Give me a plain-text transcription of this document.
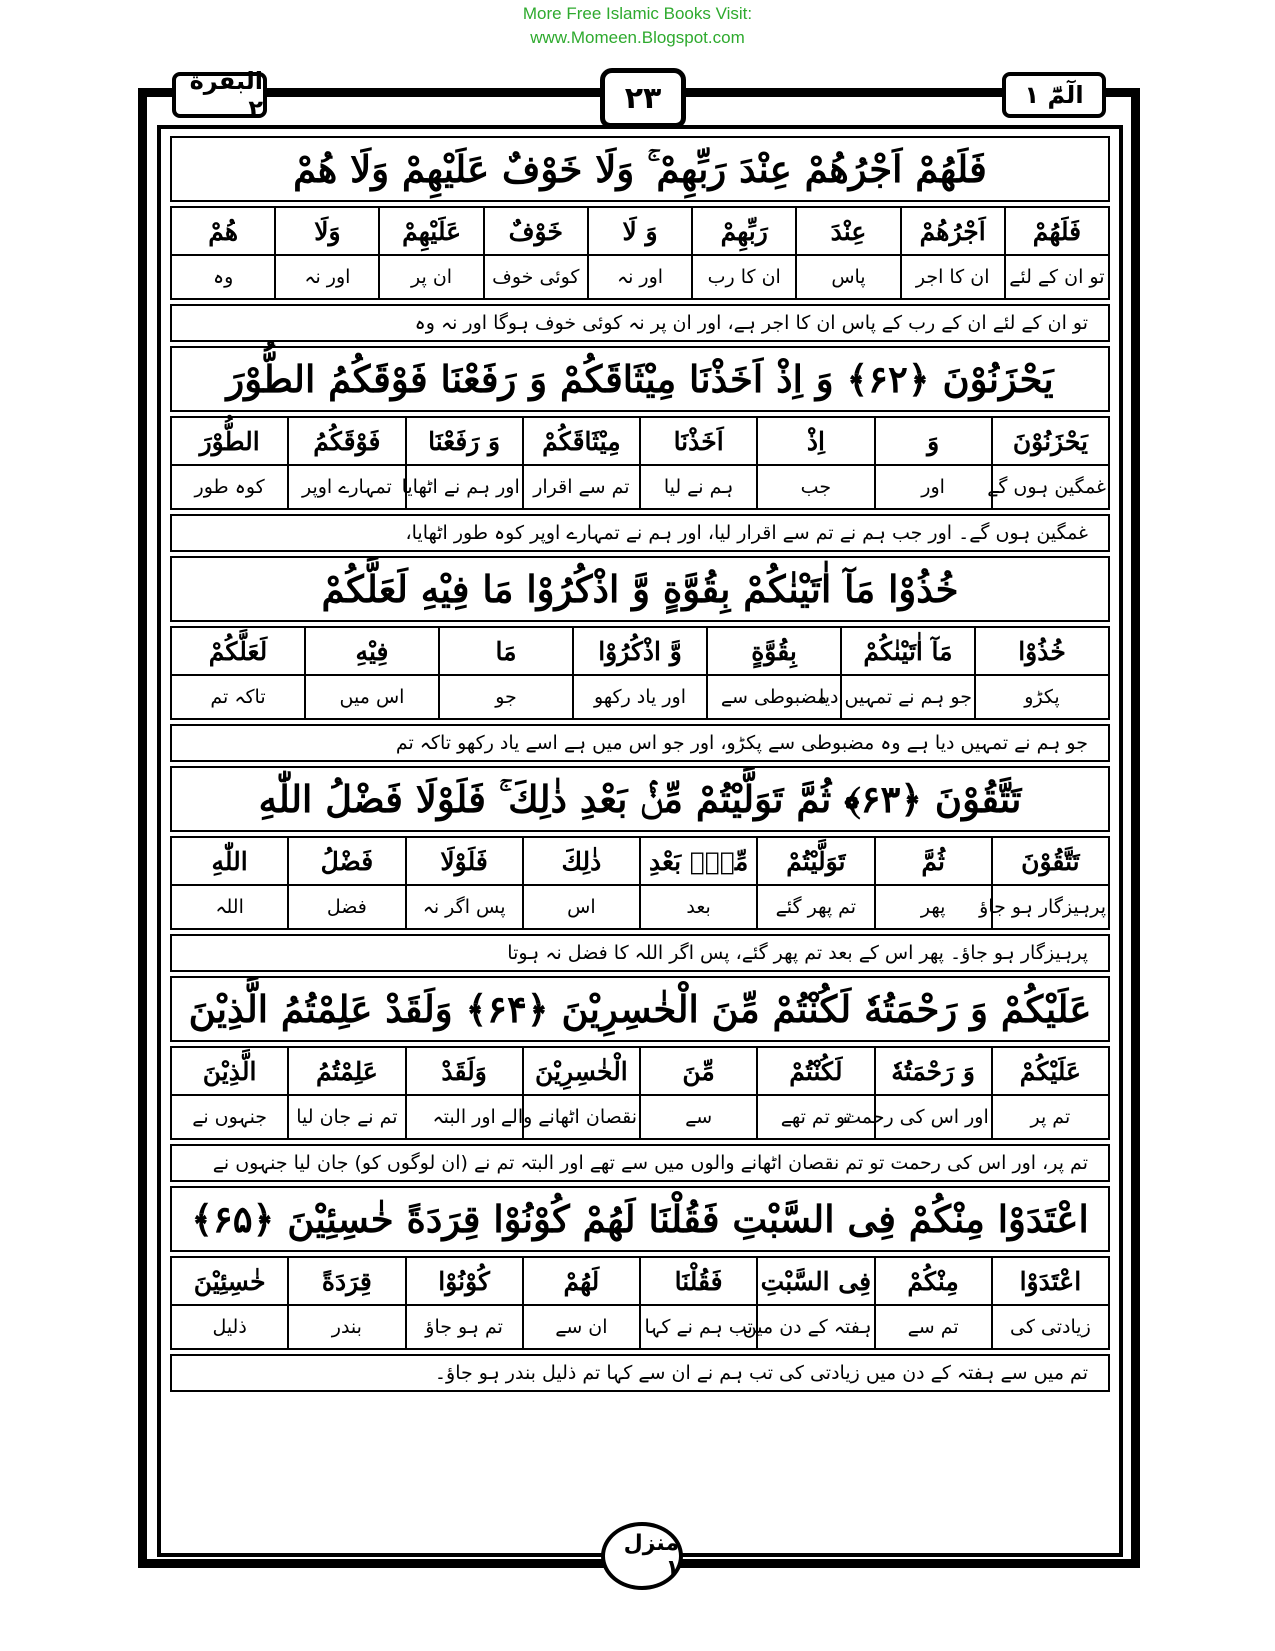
More Free Islamic Books Visit:
www.Momeen.Blogspot.com
البقرة ۲	۲۳	الٓمّٓ ۱
فَلَهُمْ اَجْرُهُمْ عِنْدَ رَبِّهِمْ ۚ وَلَا خَوْفٌ عَلَيْهِمْ وَلَا هُمْ
فَلَهُمْ	اَجْرُهُمْ	عِنْدَ	رَبِّهِمْ	وَ لَا	خَوْفٌ	عَلَيْهِمْ	وَلَا	هُمْ
تو ان کے لئے	ان کا اجر	پاس	ان کا رب	اور نہ	کوئی خوف	ان پر	اور نہ	وہ
تو ان کے لئے ان کے رب کے پاس ان کا اجر ہے، اور ان پر نہ کوئی خوف ہوگا اور نہ وہ
يَحْزَنُوْنَ ﴿۶۲﴾ وَ اِذْ اَخَذْنَا مِيْثَاقَكُمْ وَ رَفَعْنَا فَوْقَكُمُ الطُّوْرَ
يَحْزَنُوْنَ	وَ	اِذْ	اَخَذْنَا	مِيْثَاقَكُمْ	وَ رَفَعْنَا	فَوْقَكُمُ	الطُّوْرَ
غمگین ہوں گے	اور	جب	ہم نے لیا	تم سے اقرار	اور ہم نے اٹھایا	تمہارے اوپر	کوہ طور
غمگین ہوں گے۔ اور جب ہم نے تم سے اقرار لیا، اور ہم نے تمہارے اوپر کوہ طور اٹھایا،
خُذُوْا مَآ اٰتَيْنٰكُمْ بِقُوَّةٍ وَّ اذْكُرُوْا مَا فِيْهِ لَعَلَّكُمْ
خُذُوْا	مَآ اٰتَيْنٰكُمْ	بِقُوَّةٍ	وَّ اذْكُرُوْا	مَا	فِيْهِ	لَعَلَّكُمْ
پکڑو	جو ہم نے تمہیں دیا	مضبوطی سے	اور یاد رکھو	جو	اس میں	تاکہ تم
جو ہم نے تمہیں دیا ہے وہ مضبوطی سے پکڑو، اور جو اس میں ہے اسے یاد رکھو تاکہ تم
تَتَّقُوْنَ ﴿۶۳﴾ ثُمَّ تَوَلَّيْتُمْ مِّنْۢ بَعْدِ ذٰلِكَ ۚ فَلَوْلَا فَضْلُ اللّٰهِ
تَتَّقُوْنَ	ثُمَّ	تَوَلَّيْتُمْ	مِّنْۢ بَعْدِ	ذٰلِكَ	فَلَوْلَا	فَضْلُ	اللّٰهِ
پرہیزگار ہو جاؤ	پھر	تم پھر گئے	بعد	اس	پس اگر نہ	فضل	اللہ
پرہیزگار ہو جاؤ۔ پھر اس کے بعد تم پھر گئے، پس اگر اللہ کا فضل نہ ہوتا
عَلَيْكُمْ وَ رَحْمَتُهٗ لَكُنْتُمْ مِّنَ الْخٰسِرِيْنَ ﴿۶۴﴾ وَلَقَدْ عَلِمْتُمُ الَّذِيْنَ
عَلَيْكُمْ	وَ رَحْمَتُهٗ	لَكُنْتُمْ	مِّنَ	الْخٰسِرِيْنَ	وَلَقَدْ	عَلِمْتُمُ	الَّذِيْنَ
تم پر	اور اس کی رحمت	تو تم تھے	سے	نقصان اٹھانے والے	اور البتہ	تم نے جان لیا	جنہوں نے
تم پر، اور اس کی رحمت تو تم نقصان اٹھانے والوں میں سے تھے اور البتہ تم نے (ان لوگوں کو) جان لیا جنہوں نے
اعْتَدَوْا مِنْكُمْ فِى السَّبْتِ فَقُلْنَا لَهُمْ كُوْنُوْا قِرَدَةً خٰسِئِيْنَ ﴿۶۵﴾
اعْتَدَوْا	مِنْكُمْ	فِى السَّبْتِ	فَقُلْنَا	لَهُمْ	كُوْنُوْا	قِرَدَةً	خٰسِئِيْنَ
زیادتی کی	تم سے	ہفتہ کے دن میں	تب ہم نے کہا	ان سے	تم ہو جاؤ	بندر	ذلیل
تم میں سے ہفتہ کے دن میں زیادتی کی تب ہم نے ان سے کہا تم ذلیل بندر ہو جاؤ۔
منزل ۱
